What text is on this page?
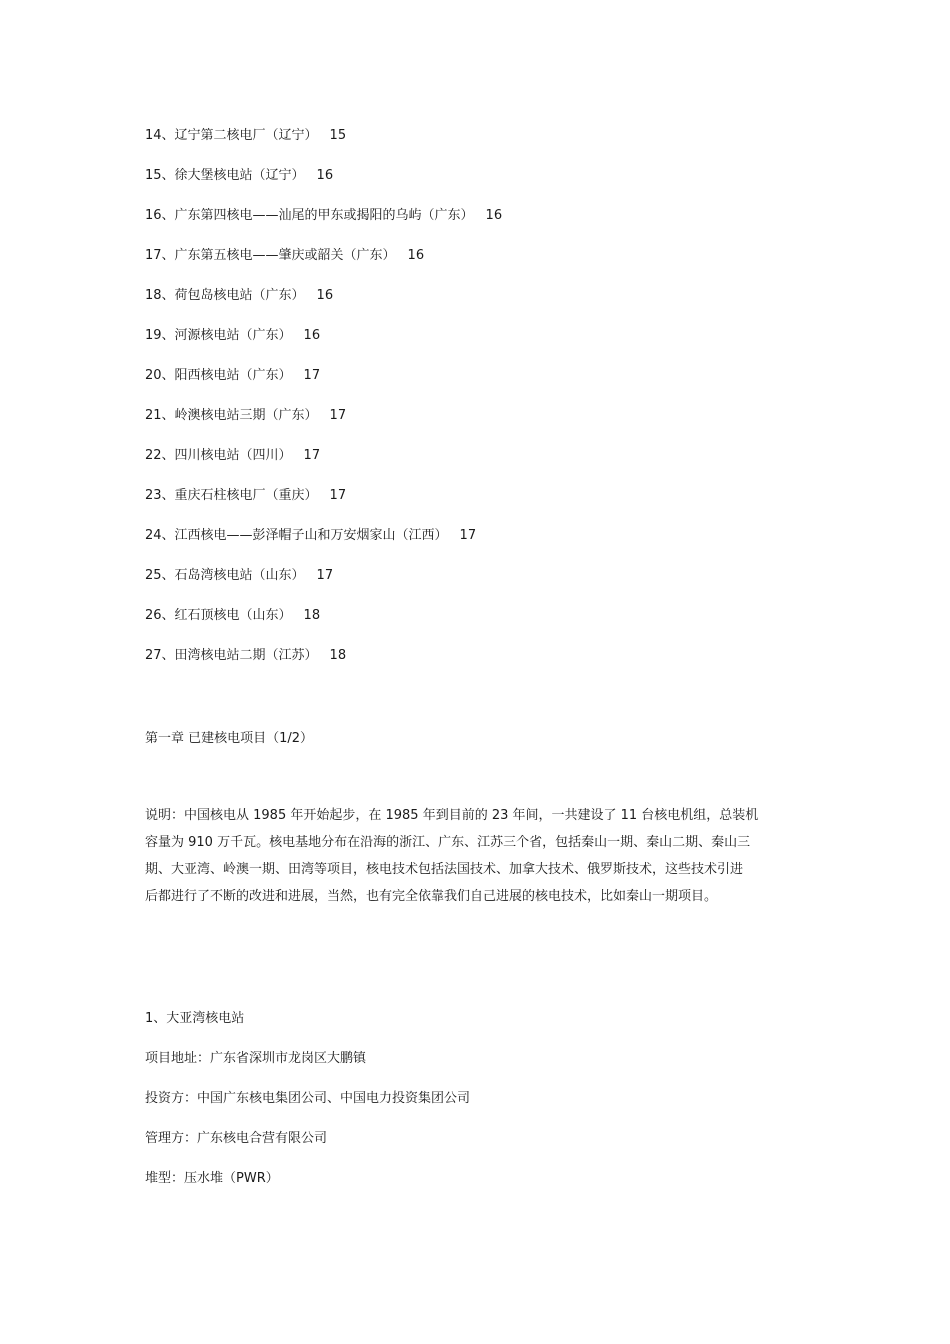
14、辽宁第二核电厂（辽宁） 15
15、徐大堡核电站（辽宁） 16
16、广东第四核电——汕尾的甲东或揭阳的乌屿（广东） 16
17、广东第五核电——肇庆或韶关（广东） 16
18、荷包岛核电站（广东） 16
19、河源核电站（广东） 16
20、阳西核电站（广东） 17
21、岭澳核电站三期（广东） 17
22、四川核电站（四川） 17
23、重庆石柱核电厂（重庆） 17
24、江西核电——彭泽帽子山和万安烟家山（江西） 17
25、石岛湾核电站（山东） 17
26、红石顶核电（山东） 18
27、田湾核电站二期（江苏） 18
第一章 已建核电项目（1/2）
说明：中国核电从 1985 年开始起步，在 1985 年到目前的 23 年间，一共建设了 11 台核电机组，总装机
容量为 910 万千瓦。核电基地分布在沿海的浙江、广东、江苏三个省，包括秦山一期、秦山二期、秦山三
期、大亚湾、岭澳一期、田湾等项目，核电技术包括法国技术、加拿大技术、俄罗斯技术，这些技术引进
后都进行了不断的改进和进展，当然，也有完全依靠我们自己进展的核电技术，比如秦山一期项目。
1、大亚湾核电站
项目地址：广东省深圳市龙岗区大鹏镇
投资方：中国广东核电集团公司、中国电力投资集团公司
管理方：广东核电合营有限公司
堆型：压水堆（PWR）
